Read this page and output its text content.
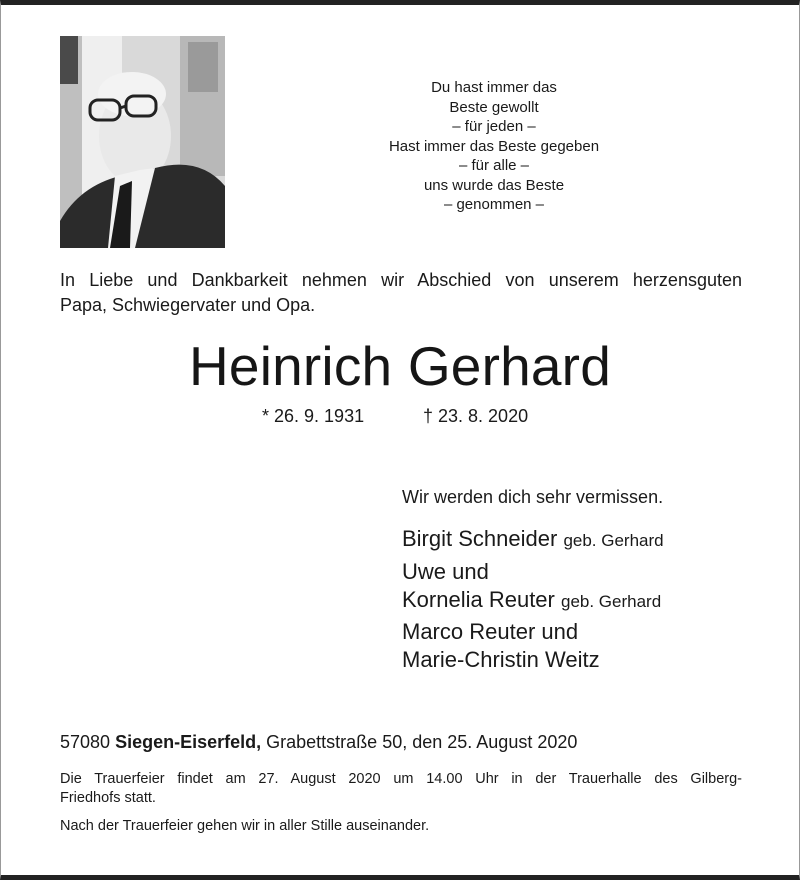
Du hast immer das
Beste gewollt
– für jeden –
Hast immer das Beste gegeben
– für alle –
uns wurde das Beste
– genommen –
In Liebe und Dankbarkeit nehmen wir Abschied von unserem herzensguten
Papa, Schwiegervater und Opa.
Heinrich Gerhard
* 26. 9. 1931	† 23. 8. 2020
Wir werden dich sehr vermissen.
Birgit Schneider geb. Gerhard
Uwe und
Kornelia Reuter geb. Gerhard
Marco Reuter und
Marie-Christin Weitz
57080 Siegen-Eiserfeld, Grabettstraße 50, den 25. August 2020
Die Trauerfeier findet am 27. August 2020 um 14.00 Uhr in der Trauerhalle des Gilberg-
Friedhofs statt.
Nach der Trauerfeier gehen wir in aller Stille auseinander.
